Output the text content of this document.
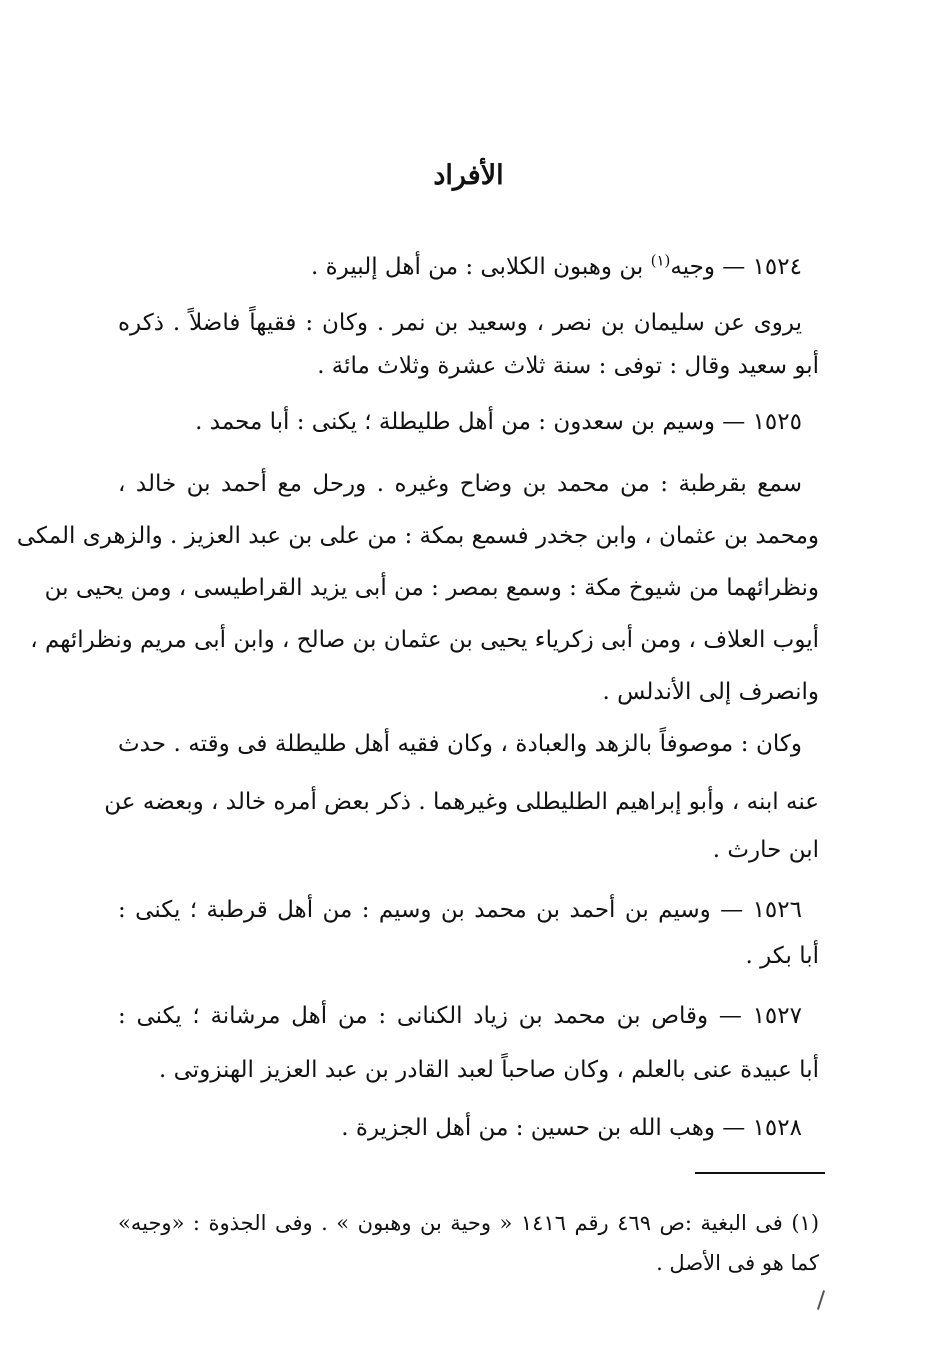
الأفراد
١٥٢٤ — وجيه$^{(١)}$ بن وهبون الكلابى : من أهل إلبيرة .
يروى عن سليمان بن نصر ، وسعيد بن نمر . وكان : فقيهاً فاضلاً . ذكره
أبو سعيد وقال : توفى : سنة ثلاث عشرة وثلاث مائة .
١٥٢٥ — وسيم بن سعدون : من أهل طليطلة ؛ يكنى : أبا محمد .
سمع بقرطبة : من محمد بن وضاح وغيره . ورحل مع أحمد بن خالد ،
ومحمد بن عثمان ، وابن جخدر فسمع بمكة : من على بن عبد العزيز . والزهرى المكى
ونظرائهما من شيوخ مكة : وسمع بمصر : من أبى يزيد القراطيسى ، ومن يحيى بن
أيوب العلاف ، ومن أبى زكرياء يحيى بن عثمان بن صالح ، وابن أبى مريم ونظرائهم ،
وانصرف إلى الأندلس .
وكان : موصوفاً بالزهد والعبادة ، وكان فقيه أهل طليطلة فى وقته . حدث
عنه ابنه ، وأبو إبراهيم الطليطلى وغيرهما . ذكر بعض أمره خالد ، وبعضه عن
ابن حارث .
١٥٢٦ — وسيم بن أحمد بن محمد بن وسيم : من أهل قرطبة ؛ يكنى :
أبا بكر .
١٥٢٧ — وقاص بن محمد بن زياد الكنانى : من أهل مرشانة ؛ يكنى :
أبا عبيدة عنى بالعلم ، وكان صاحباً لعبد القادر بن عبد العزيز الهنزوتى .
١٥٢٨ — وهب الله بن حسين : من أهل الجزيرة .
(١) فى البغية :ص ٤٦٩ رقم ١٤١٦ « وحية بن وهبون » . وفى الجذوة : «وجيه»
كما هو فى الأصل .
